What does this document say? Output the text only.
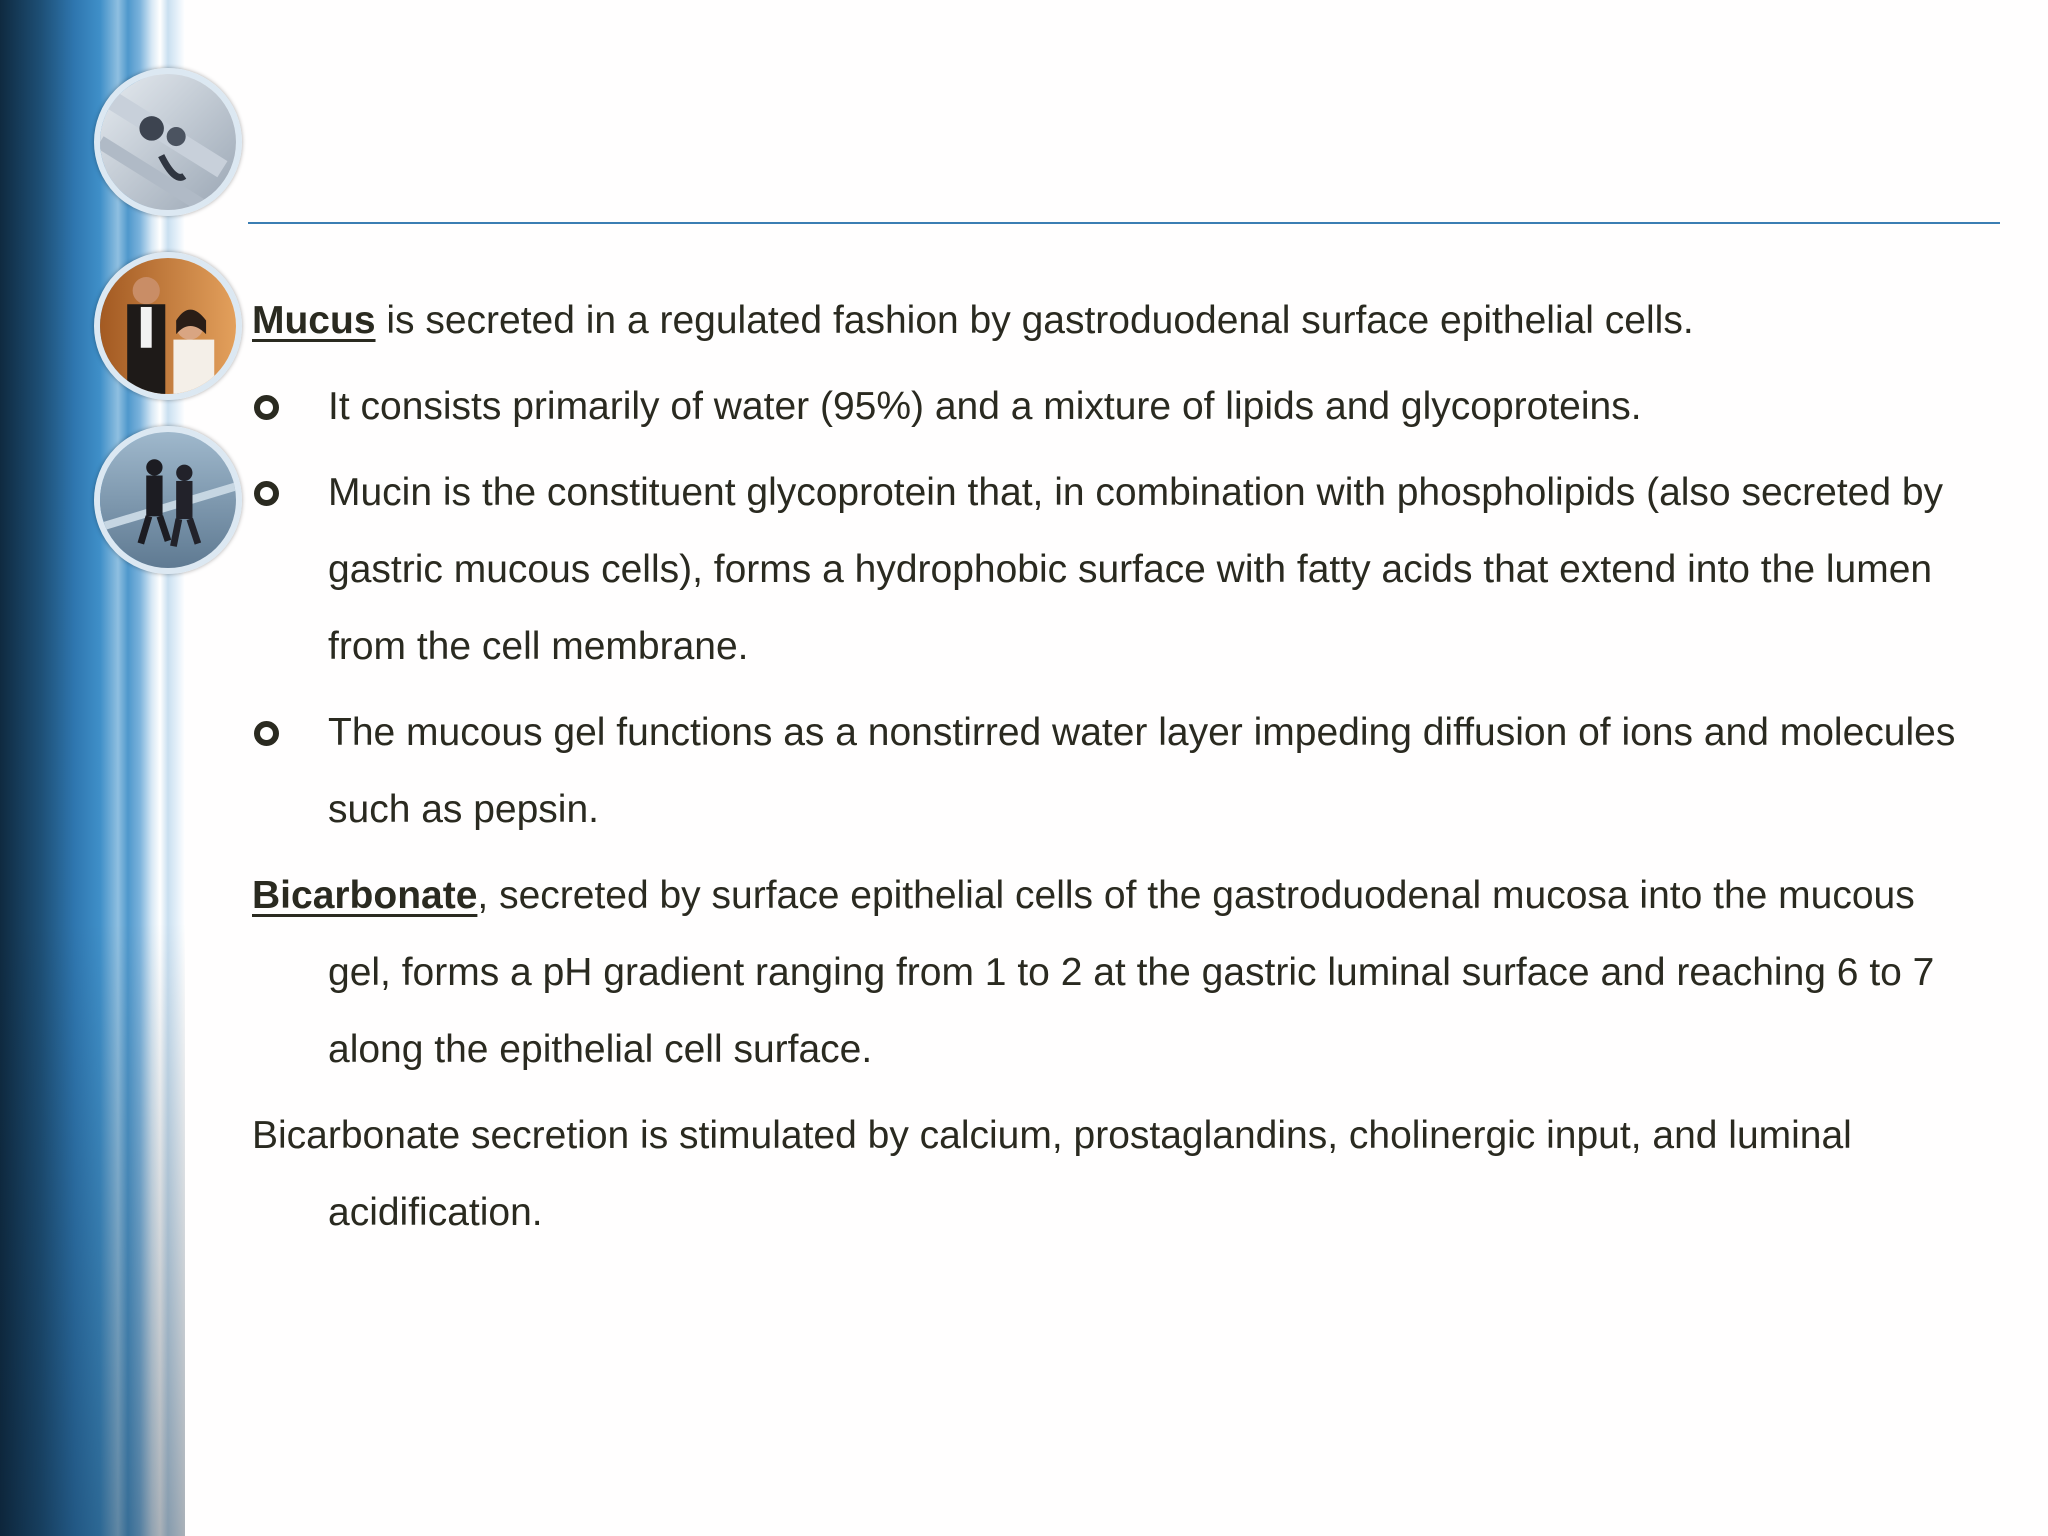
Mucus is secreted in a regulated fashion by gastroduodenal surface epithelial cells.

It consists primarily of water (95%) and a mixture of lipids and glycoproteins.

Mucin is the constituent glycoprotein that, in combination with phospholipids (also secreted by gastric mucous cells), forms a hydrophobic surface with fatty acids that extend into the lumen from the cell membrane.

The mucous gel functions as a nonstirred water layer impeding diffusion of ions and molecules such as pepsin.

Bicarbonate, secreted by surface epithelial cells of the gastroduodenal mucosa into the mucous gel, forms a pH gradient ranging from 1 to 2 at the gastric luminal surface and reaching 6 to 7 along the epithelial cell surface.

Bicarbonate secretion is stimulated by calcium, prostaglandins, cholinergic input, and luminal acidification.
